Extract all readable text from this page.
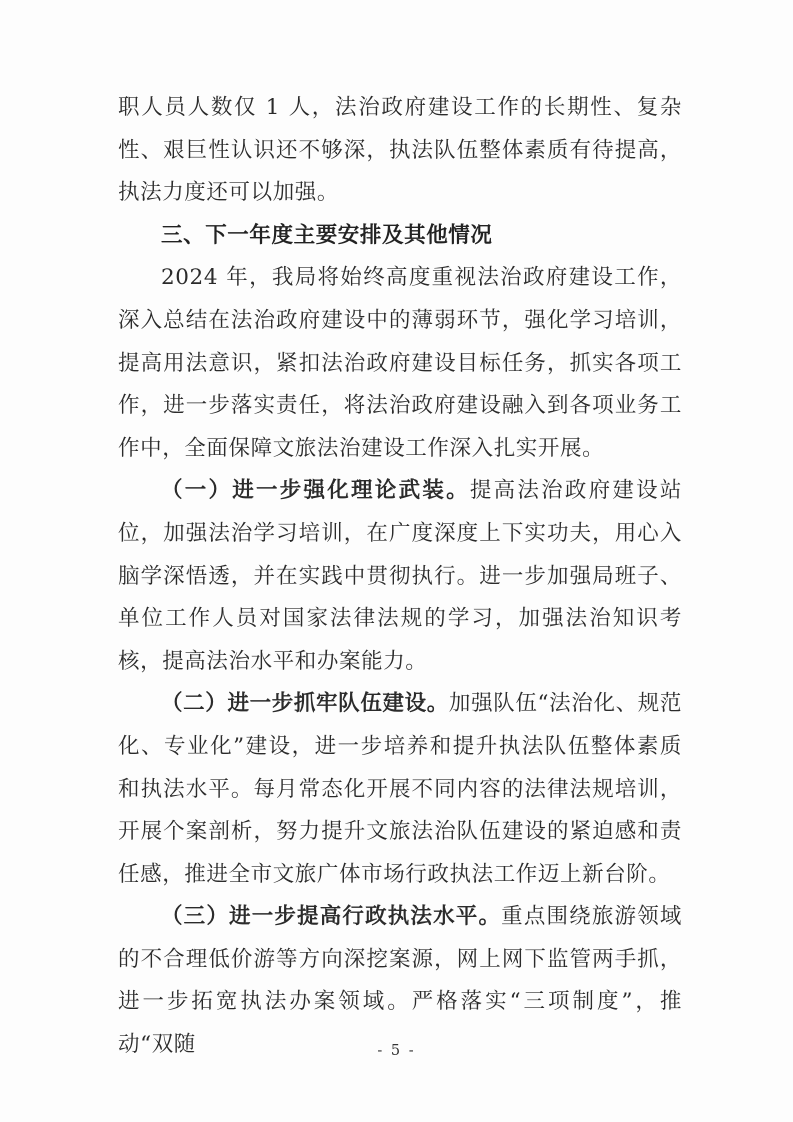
职人员人数仅 1 人，法治政府建设工作的长期性、复杂性、艰巨性认识还不够深，执法队伍整体素质有待提高，执法力度还可以加强。

三、下一年度主要安排及其他情况

2024 年，我局将始终高度重视法治政府建设工作，深入总结在法治政府建设中的薄弱环节，强化学习培训，提高用法意识，紧扣法治政府建设目标任务，抓实各项工作，进一步落实责任，将法治政府建设融入到各项业务工作中，全面保障文旅法治建设工作深入扎实开展。

（一）进一步强化理论武装。提高法治政府建设站位，加强法治学习培训，在广度深度上下实功夫，用心入脑学深悟透，并在实践中贯彻执行。进一步加强局班子、单位工作人员对国家法律法规的学习，加强法治知识考核，提高法治水平和办案能力。

（二）进一步抓牢队伍建设。加强队伍“法治化、规范化、专业化”建设，进一步培养和提升执法队伍整体素质和执法水平。每月常态化开展不同内容的法律法规培训，开展个案剖析，努力提升文旅法治队伍建设的紧迫感和责任感，推进全市文旅广体市场行政执法工作迈上新台阶。

（三）进一步提高行政执法水平。重点围绕旅游领域的不合理低价游等方向深挖案源，网上网下监管两手抓，进一步拓宽执法办案领域。严格落实“三项制度”，推动“双随	- 5 -
